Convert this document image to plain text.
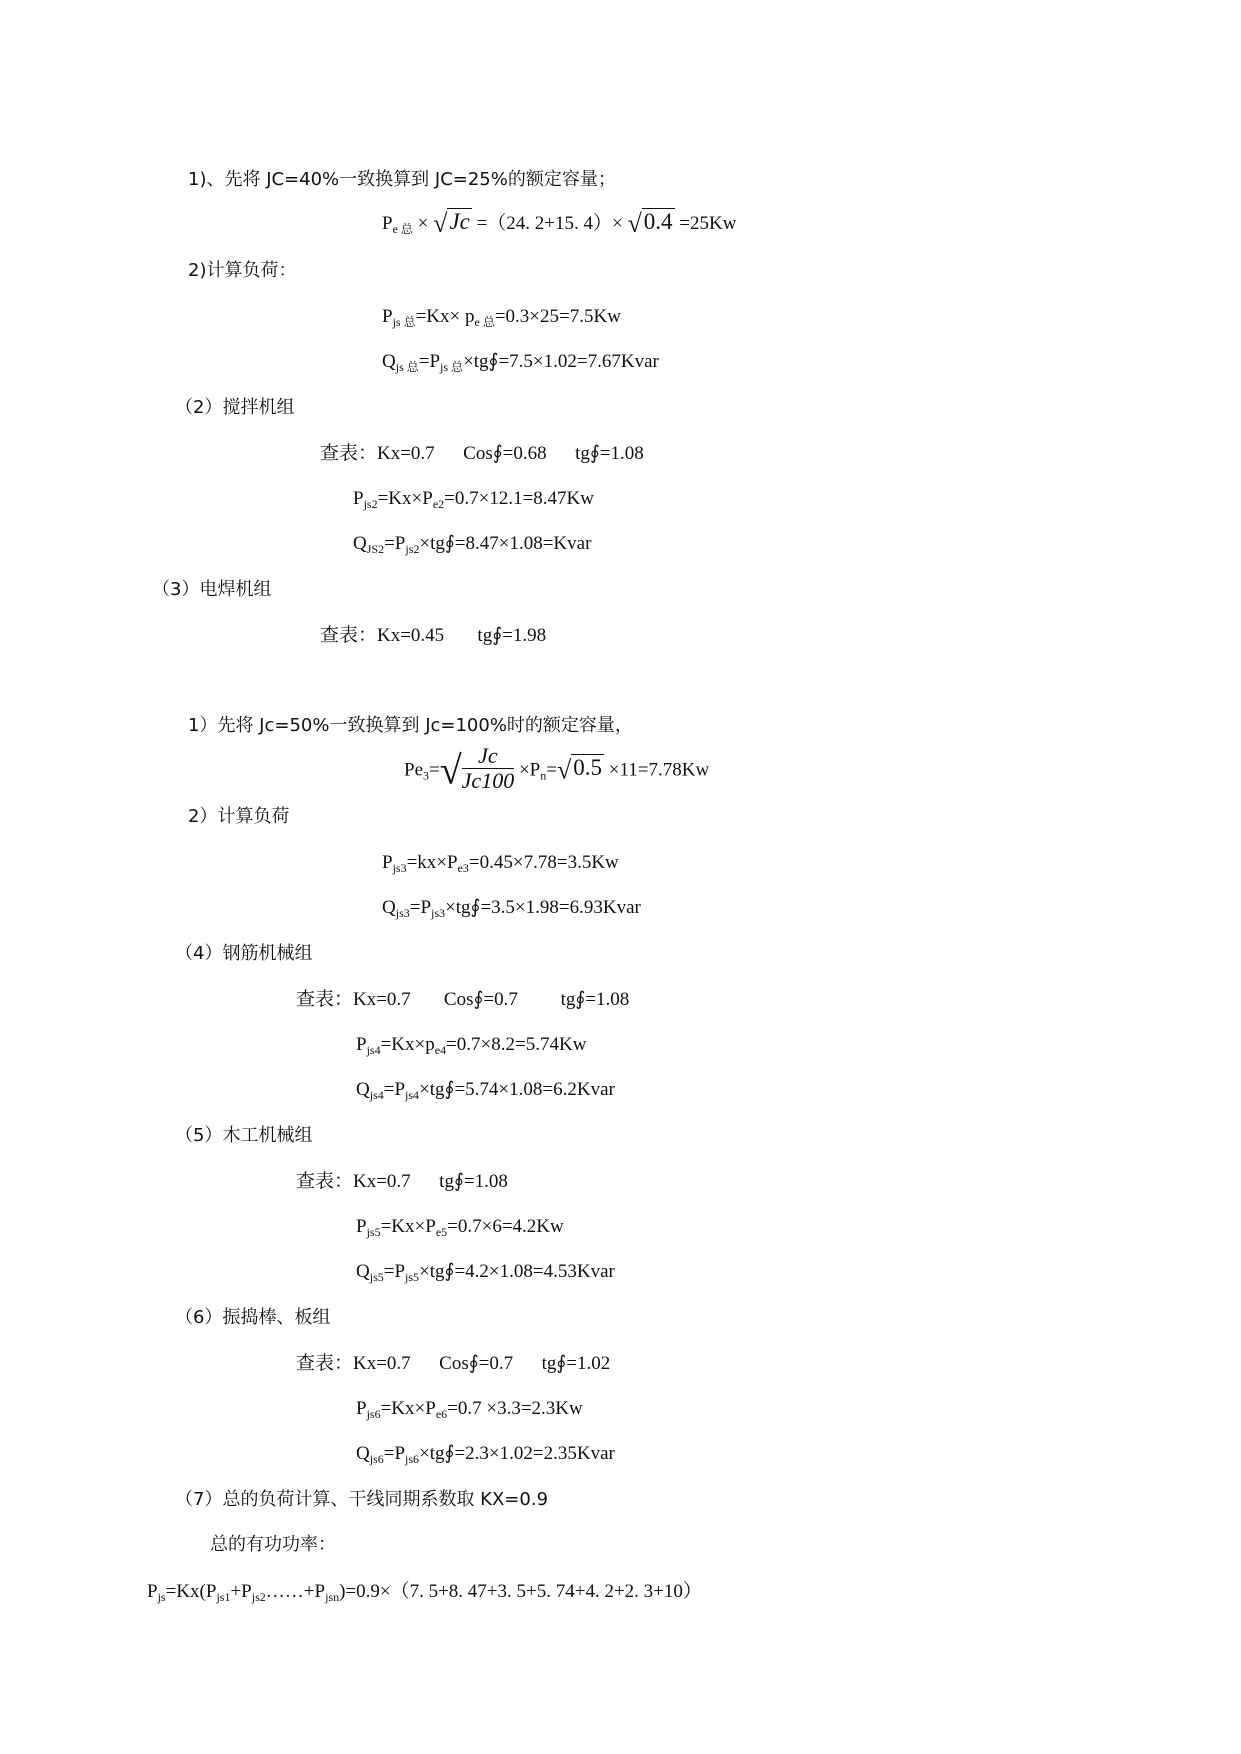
1)、先将 JC=40%一致换算到 JC=25%的额定容量；
$P_{e 总} \times √Jc =(24$. 2+15. 4）× √0.4 =25Kw
2)计算负荷：
$P_{js 总}=Kx\times p_{e 总}=0.3\times 25=7.5Kw$
$Q_{js 总}=P_{js 总}\times tg∮=7.5\times 1.02=7.67Kvar$
（2）搅拌机组
查表：Kx=0.7      Cos∮=0.68      tg∮=1.08
$P_{js2}=Kx\times P_{e2}=0.7\times 12.1=8.47Kw$
$Q_{JS2}=P_{js2}\times tg∮=8.47\times 1.08=Kvar$
（3）电焊机组
查表：Kx=0.45       tg∮=1.98
1）先将 Jc=50%一致换算到 Jc=100%时的额定容量，
$Pe_3=√ \frac{Jc}{Jc100} \times P_n=√0.5 \times 11=7.78Kw$
2）计算负荷
$P_{js3}=kx\times P_{e3}=0.45\times 7.78=3.5Kw$
$Q_{js3}=P_{js3}\times tg∮=3.5\times 1.98=6.93Kvar$
（4）钢筋机械组
查表：Kx=0.7       Cos∮=0.7         tg∮=1.08
$P_{js4}=Kx\times p_{e4}=0.7\times 8.2=5.74Kw$
$Q_{js4}=P_{js4}\times tg∮=5.74\times 1.08=6.2Kvar$
（5）木工机械组
查表：Kx=0.7      tg∮=1.08
$P_{js5}=Kx\times P_{e5}=0.7\times 6=4.2Kw$
$Q_{js5}=P_{js5}\times tg∮=4.2\times 1.08=4.53Kvar$
（6）振捣棒、板组
查表：Kx=0.7      Cos∮=0.7      tg∮=1.02
$P_{js6}=Kx\times P_{e6}=0.7 \times 3.3=2.3Kw$
$Q_{js6}=P_{js6}\times tg∮=2.3\times 1.02=2.35Kvar$
（7）总的负荷计算、干线同期系数取 KX=0.9
总的有功功率：
$P_{js}=Kx(P_{js1}+P_{js2}\dots\dots+P_{jsn})=0.9\times(7$. 5+8. 47+3. 5+5. 74+4. 2+2. 3+10）
